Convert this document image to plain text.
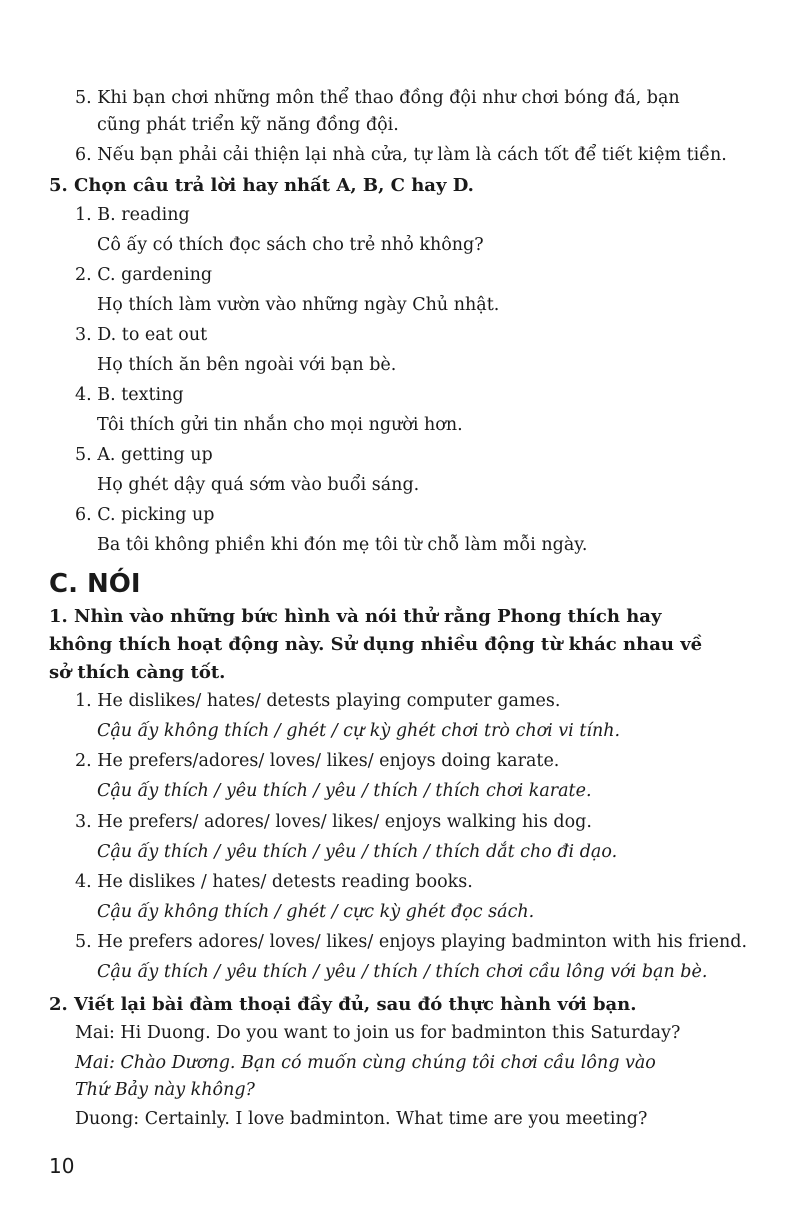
5. Khi bạn chơi những môn thể thao đồng đội như chơi bóng đá, bạn
cũng phát triển kỹ năng đồng đội.
6. Nếu bạn phải cải thiện lại nhà cửa, tự làm là cách tốt để tiết kiệm tiền.
5. Chọn câu trả lời hay nhất A, B, C hay D.
1. B. reading
Cô ấy có thích đọc sách cho trẻ nhỏ không?
2. C. gardening
Họ thích làm vườn vào những ngày Chủ nhật.
3. D. to eat out
Họ thích ăn bên ngoài với bạn bè.
4. B. texting
Tôi thích gửi tin nhắn cho mọi người hơn.
5. A. getting up
Họ ghét dậy quá sớm vào buổi sáng.
6. C. picking up
Ba tôi không phiền khi đón mẹ tôi từ chỗ làm mỗi ngày.
C. NÓI
1. Nhìn vào những bức hình và nói thử rằng Phong thích hay
không thích hoạt động này. Sử dụng nhiều động từ khác nhau về
sở thích càng tốt.
1. He dislikes/ hates/ detests playing computer games.
Cậu ấy không thích / ghét / cự kỳ ghét chơi trò chơi vi tính.
2. He prefers/adores/ loves/ likes/ enjoys doing karate.
Cậu ấy thích / yêu thích / yêu / thích / thích chơi karate.
3. He prefers/ adores/ loves/ likes/ enjoys walking his dog.
Cậu ấy thích / yêu thích / yêu / thích / thích dắt cho đi dạo.
4. He dislikes / hates/ detests reading books.
Cậu ấy không thích / ghét / cực kỳ ghét đọc sách.
5. He prefers adores/ loves/ likes/ enjoys playing badminton with his friend.
Cậu ấy thích / yêu thích / yêu / thích / thích chơi cầu lông với bạn bè.
2. Viết lại bài đàm thoại đầy đủ, sau đó thực hành với bạn.
Mai: Hi Duong. Do you want to join us for badminton this Saturday?
Mai: Chào Dương. Bạn có muốn cùng chúng tôi chơi cầu lông vào
Thứ Bảy này không?
Duong: Certainly. I love badminton. What time are you meeting?
10
